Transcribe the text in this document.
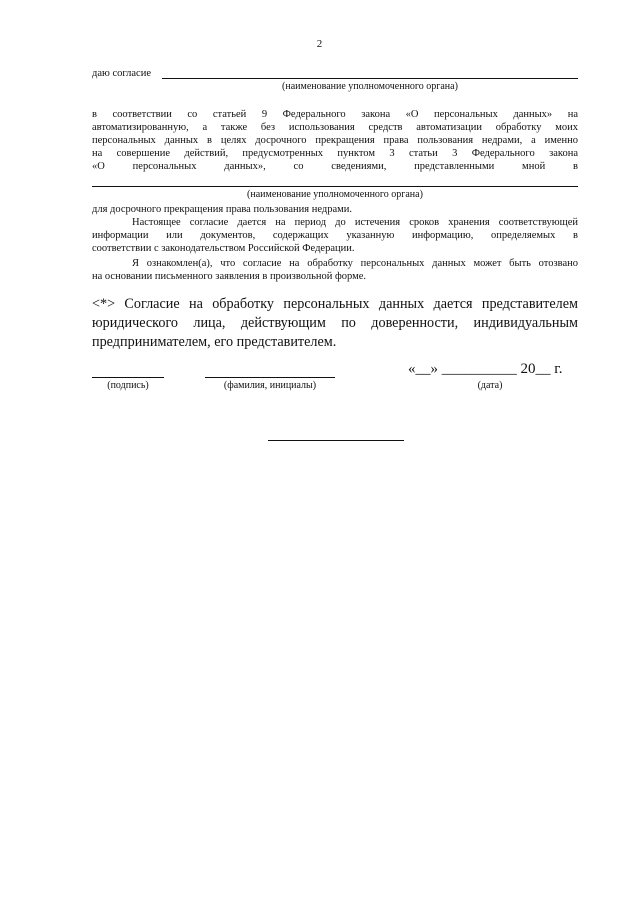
2
даю согласие
(наименование уполномоченного органа)
в соответствии со статьей 9 Федерального закона «О персональных данных» на
автоматизированную, а также без использования средств автоматизации обработку моих
персональных данных в целях досрочного прекращения права пользования недрами, а именно
на совершение действий, предусмотренных пунктом 3 статьи 3 Федерального закона
«О персональных данных», со сведениями, представленными мной в
(наименование уполномоченного органа)
для досрочного прекращения права пользования недрами.
Настоящее согласие дается на период до истечения сроков хранения соответствующей
информации или документов, содержащих указанную информацию, определяемых в
соответствии с законодательством Российской Федерации.
Я ознакомлен(а), что согласие на обработку персональных данных может быть отозвано
на основании письменного заявления в произвольной форме.
<*> Согласие на обработку персональных данных дается представителем
юридического лица, действующим по доверенности, индивидуальным
предпринимателем, его представителем.
(подпись)	(фамилия, инициалы)
«__» __________ 20__ г.
(дата)
